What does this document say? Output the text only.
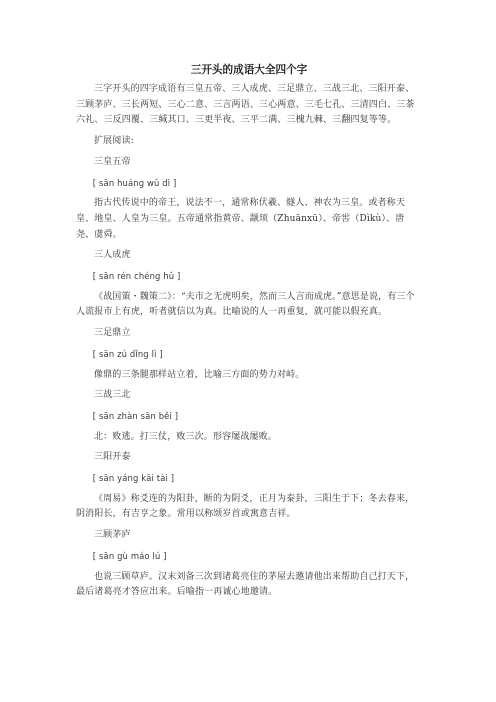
三开头的成语大全四个字

三字开头的四字成语有三皇五帝、三人成虎、三足鼎立、三战三北、三阳开泰、三顾茅庐、三长两短、三心二意、三言两语、三心两意、三毛七孔、三清四白、三茶六礼、三反四覆、三缄其口、三更半夜、三平二满、三槐九棘、三翻四复等等。

扩展阅读:

三皇五帝

[ sān huáng wǔ dì ]

指古代传说中的帝王，说法不一，通常称伏羲、燧人、神农为三皇。或者称天皇、地皇、人皇为三皇。五帝通常指黄帝、颛顼（Zhuānxū）、帝喾（Dìkù）、唐尧、虞舜。

三人成虎

[ sān rén chéng hǔ ]

《战国策・魏策二》：“夫市之无虎明矣，然而三人言而成虎。”意思是说，有三个人谎报市上有虎，听者就信以为真。比喻说的人一再重复，就可能以假充真。

三足鼎立

[ sān zú dǐng lì ]

像鼎的三条腿那样站立着，比喻三方面的势力对峙。

三战三北

[ sān zhàn sān běi ]

北：败逃。打三仗，败三次。形容屡战屡败。

三阳开泰

[ sān yáng kāi tài ]

《周易》称爻连的为阳卦，断的为阴爻，正月为泰卦，三阳生于下；冬去春来，阴消阳长，有吉亨之象。常用以称颂岁首或寓意吉祥。

三顾茅庐

[ sān gù máo lú ]

也说三顾草庐。汉末刘备三次到诸葛亮住的茅屋去邀请他出来帮助自己打天下，最后诸葛亮才答应出来。后喻指一再诚心地邀请。
